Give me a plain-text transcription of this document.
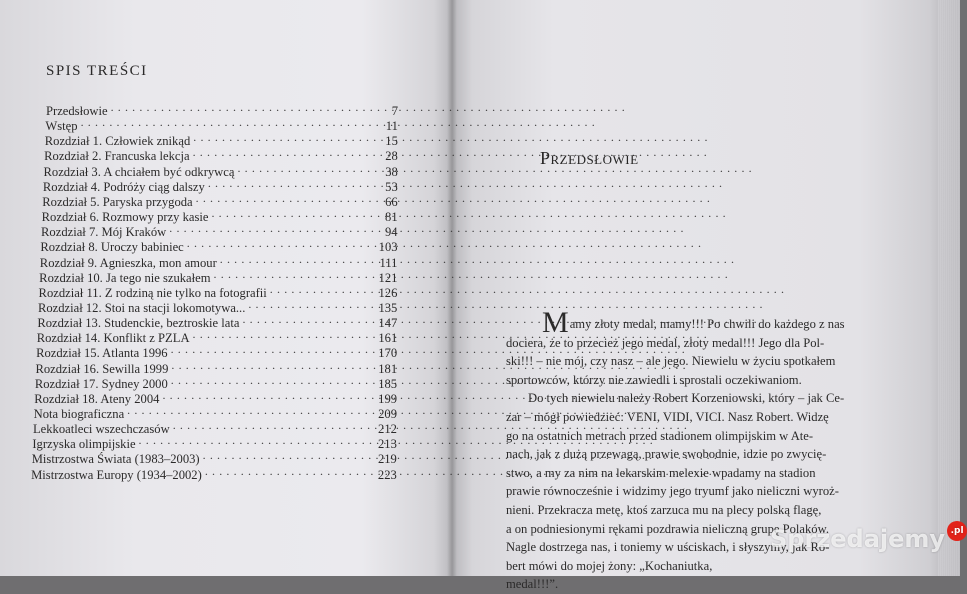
SPIS TREŚCI
Przedsłowie . . .	7
Wstęp . . .	11
Rozdział 1. Człowiek znikąd . . .	15
Rozdział 2. Francuska lekcja . . .	28
Rozdział 3. A chciałem być odkrywcą . . .	38
Rozdział 4. Podróży ciąg dalszy . . .	53
Rozdział 5. Paryska przygoda . . .	66
Rozdział 6. Rozmowy przy kasie . . .	81
Rozdział 7. Mój Kraków . . .	94
Rozdział 8. Uroczy babiniec . . .	103
Rozdział 9. Agnieszka, mon amour . . .	111
Rozdział 10. Ja tego nie szukałem . . .	121
Rozdział 11. Z rodziną nie tylko na fotografii . . .	126
Rozdział 12. Stoi na stacji lokomotywa... . . .	135
Rozdział 13. Studenckie, beztroskie lata . . .	147
Rozdział 14. Konflikt z PZLA . . .	161
Rozdział 15. Atlanta 1996 . . .	170
Rozdział 16. Sewilla 1999 . . .	181
Rozdział 17. Sydney 2000 . . .	185
Rozdział 18. Ateny 2004 . . .	199
Nota biograficzna . . .	209
Lekkoatleci wszechczasów . . .	212
Igrzyska olimpijskie . . .	213
Mistrzostwa Świata (1983–2003) . . .	219
Mistrzostwa Europy (1934–2002) . . .	223
Przedsłowie
Mamy złoty medal, mamy!!! Po chwili do każdego z nas
dociera, że to przecież jego medal, złoty medal!!! Jego dla Pol-
ski!!! – nie mój, czy nasz – ale jego. Niewielu w życiu spotkałem
sportowców, którzy nie zawiedli i sprostali oczekiwaniom.
Do tych niewielu należy Robert Korzeniowski, który – jak Ce-
zar – mógł powiedzieć: VENI, VIDI, VICI. Nasz Robert. Widzę
go na ostatnich metrach przed stadionem olimpijskim w Ate-
nach, jak z dużą przewagą, prawie swobodnie, idzie po zwycię-
stwo, a my za nim na lekarskim melexie wpadamy na stadion
prawie równocześnie i widzimy jego tryumf jako nieliczni wyroż-
nieni. Przekracza metę, ktoś zarzuca mu na plecy polską flagę,
a on podniesionymi rękami pozdrawia nieliczną grupę Polaków.
Nagle dostrzega nas, i toniemy w uściskach, i słyszymy, jak Ro-
bert mówi do mojej żony: „Kochaniutka,
medal!!!”.
Sprzedajemy .pl
